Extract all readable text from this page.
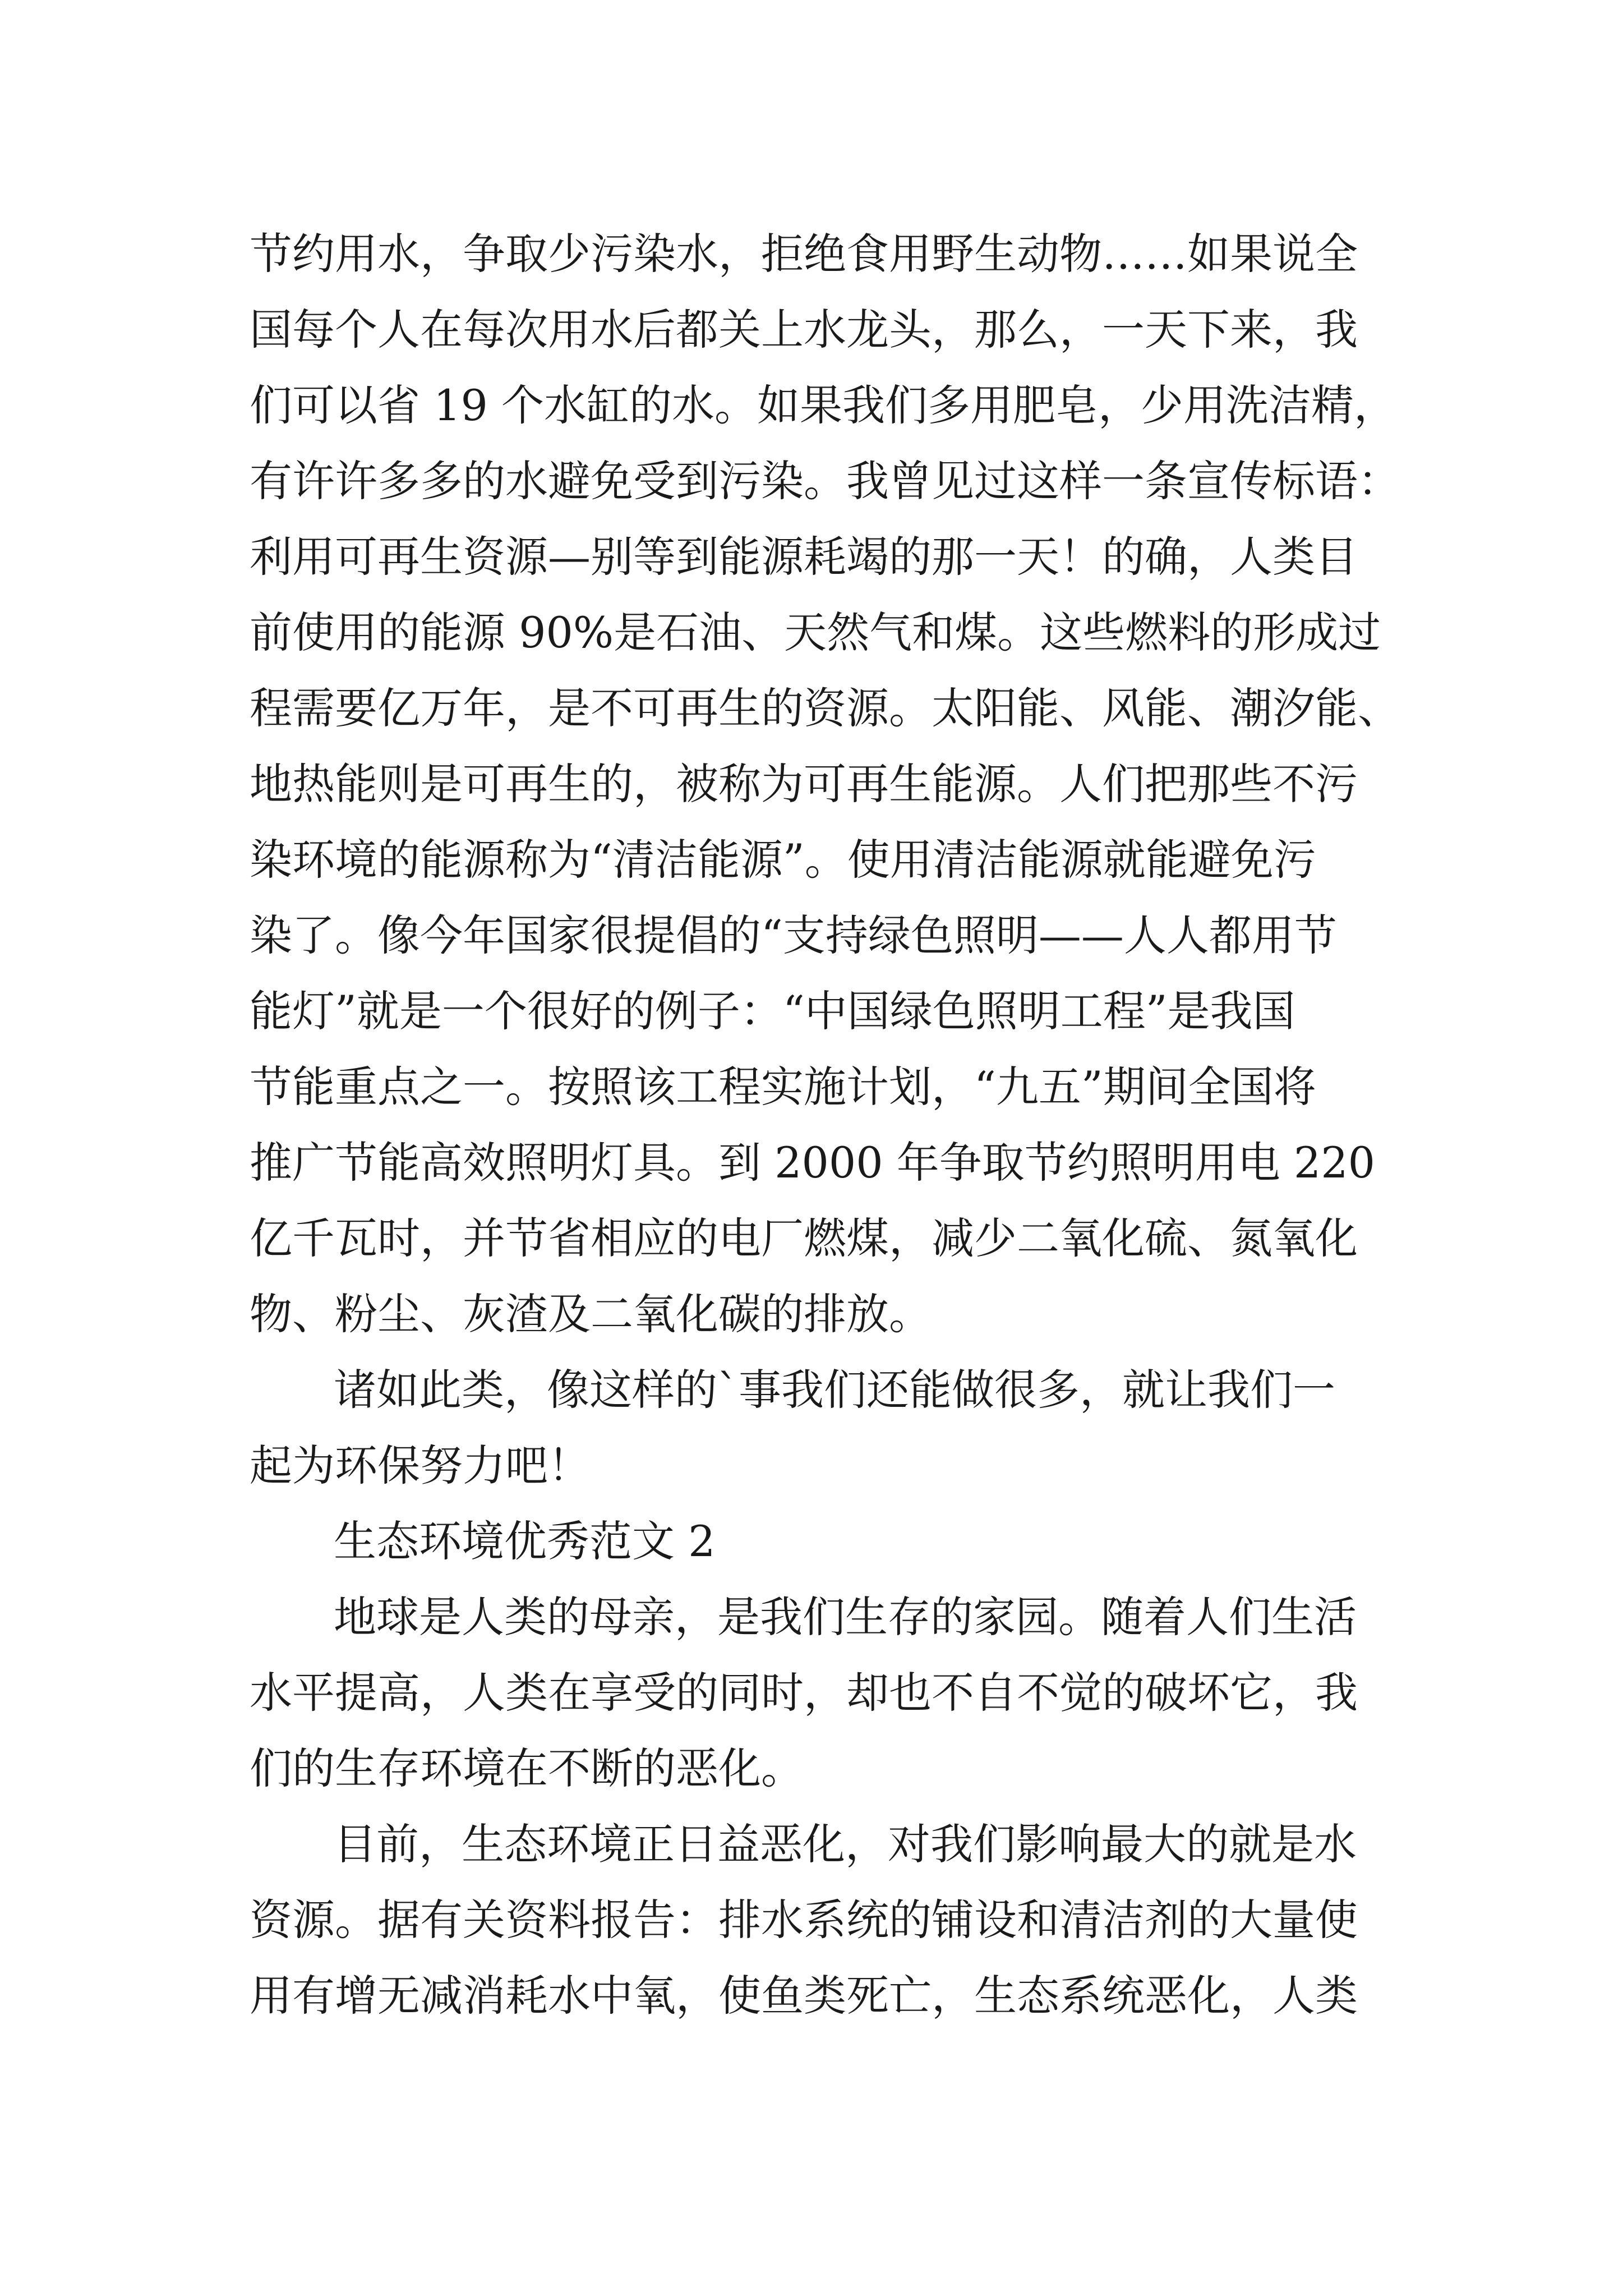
节约用水，争取少污染水，拒绝食用野生动物……如果说全
国每个人在每次用水后都关上水龙头，那么，一天下来，我
们可以省 19 个水缸的水。如果我们多用肥皂，少用洗洁精，
有许许多多的水避免受到污染。我曾见过这样一条宣传标语：
利用可再生资源—别等到能源耗竭的那一天！的确，人类目
前使用的能源 90%是石油、天然气和煤。这些燃料的形成过
程需要亿万年，是不可再生的资源。太阳能、风能、潮汐能、
地热能则是可再生的，被称为可再生能源。人们把那些不污
染环境的能源称为“清洁能源”。使用清洁能源就能避免污
染了。像今年国家很提倡的“支持绿色照明——人人都用节
能灯”就是一个很好的例子：“中国绿色照明工程”是我国
节能重点之一。按照该工程实施计划，“九五”期间全国将
推广节能高效照明灯具。到 2000 年争取节约照明用电 220
亿千瓦时，并节省相应的电厂燃煤，减少二氧化硫、氮氧化
物、粉尘、灰渣及二氧化碳的排放。
诸如此类，像这样的`事我们还能做很多，就让我们一
起为环保努力吧！
生态环境优秀范文 2
地球是人类的母亲，是我们生存的家园。随着人们生活
水平提高，人类在享受的同时，却也不自不觉的破坏它，我
们的生存环境在不断的恶化。
目前，生态环境正日益恶化，对我们影响最大的就是水
资源。据有关资料报告：排水系统的铺设和清洁剂的大量使
用有增无减消耗水中氧，使鱼类死亡，生态系统恶化，人类
